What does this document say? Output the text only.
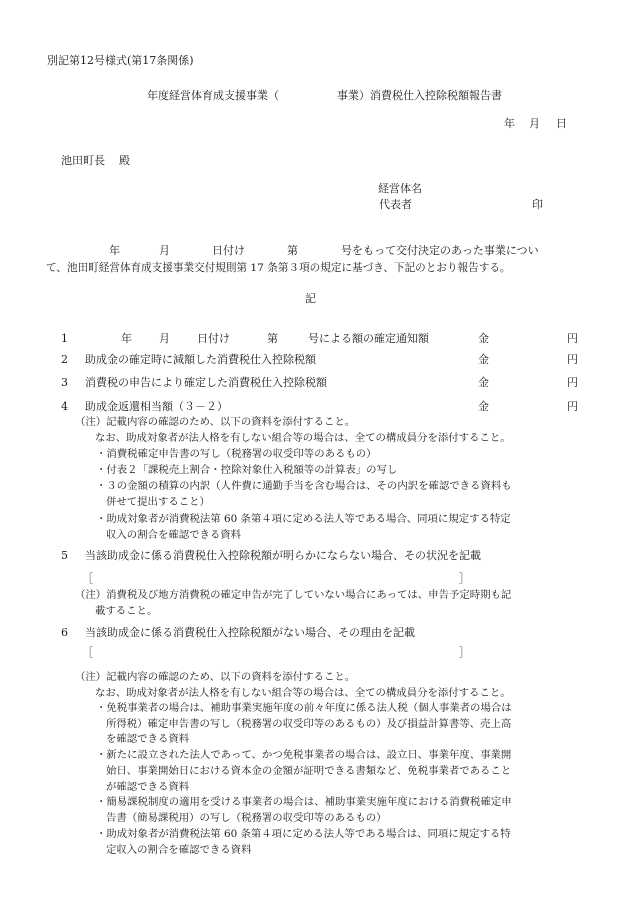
別記第12号様式(第17条関係)
年度経営体育成支援事業（	事業）消費税仕入控除税額報告書
年 月 日
池田町長 殿
経営体名
代表者	印
年	月	日付け	第	号をもって交付決定のあった事業につい
て、池田町経営体育成支援事業交付規則第 17 条第３項の規定に基づき、下記のとおり報告する。
記
1	年 月 日付け	第	号による額の確定通知額	金	円
2 助成金の確定時に減額した消費税仕入控除税額	金	円
3 消費税の申告により確定した消費税仕入控除税額	金	円
4 助成金返還相当額（３－２）	金	円
（注）記載内容の確認のため、以下の資料を添付すること。
なお、助成対象者が法人格を有しない組合等の場合は、全ての構成員分を添付すること。
・消費税確定申告書の写し（税務署の収受印等のあるもの）
・付表２「課税売上割合・控除対象仕入税額等の計算表」の写し
・３の金額の積算の内訳（人件費に通勤手当を含む場合は、その内訳を確認できる資料も
併せて提出すること）
・助成対象者が消費税法第 60 条第４項に定める法人等である場合、同項に規定する特定
収入の割合を確認できる資料
5 当該助成金に係る消費税仕入控除税額が明らかにならない場合、その状況を記載
［	］
（注）消費税及び地方消費税の確定申告が完了していない場合にあっては、申告予定時期も記
載すること。
6 当該助成金に係る消費税仕入控除税額がない場合、その理由を記載
［	］
（注）記載内容の確認のため、以下の資料を添付すること。
なお、助成対象者が法人格を有しない組合等の場合は、全ての構成員分を添付すること。
・免税事業者の場合は、補助事業実施年度の前々年度に係る法人税（個人事業者の場合は
所得税）確定申告書の写し（税務署の収受印等のあるもの）及び損益計算書等、売上高
を確認できる資料
・新たに設立された法人であって、かつ免税事業者の場合は、設立日、事業年度、事業開
始日、事業開始日における資本金の金額が証明できる書類など、免税事業者であること
が確認できる資料
・簡易課税制度の適用を受ける事業者の場合は、補助事業実施年度における消費税確定申
告書（簡易課税用）の写し（税務署の収受印等のあるもの）
・助成対象者が消費税法第 60 条第４項に定める法人等である場合は、同項に規定する特
定収入の割合を確認できる資料
